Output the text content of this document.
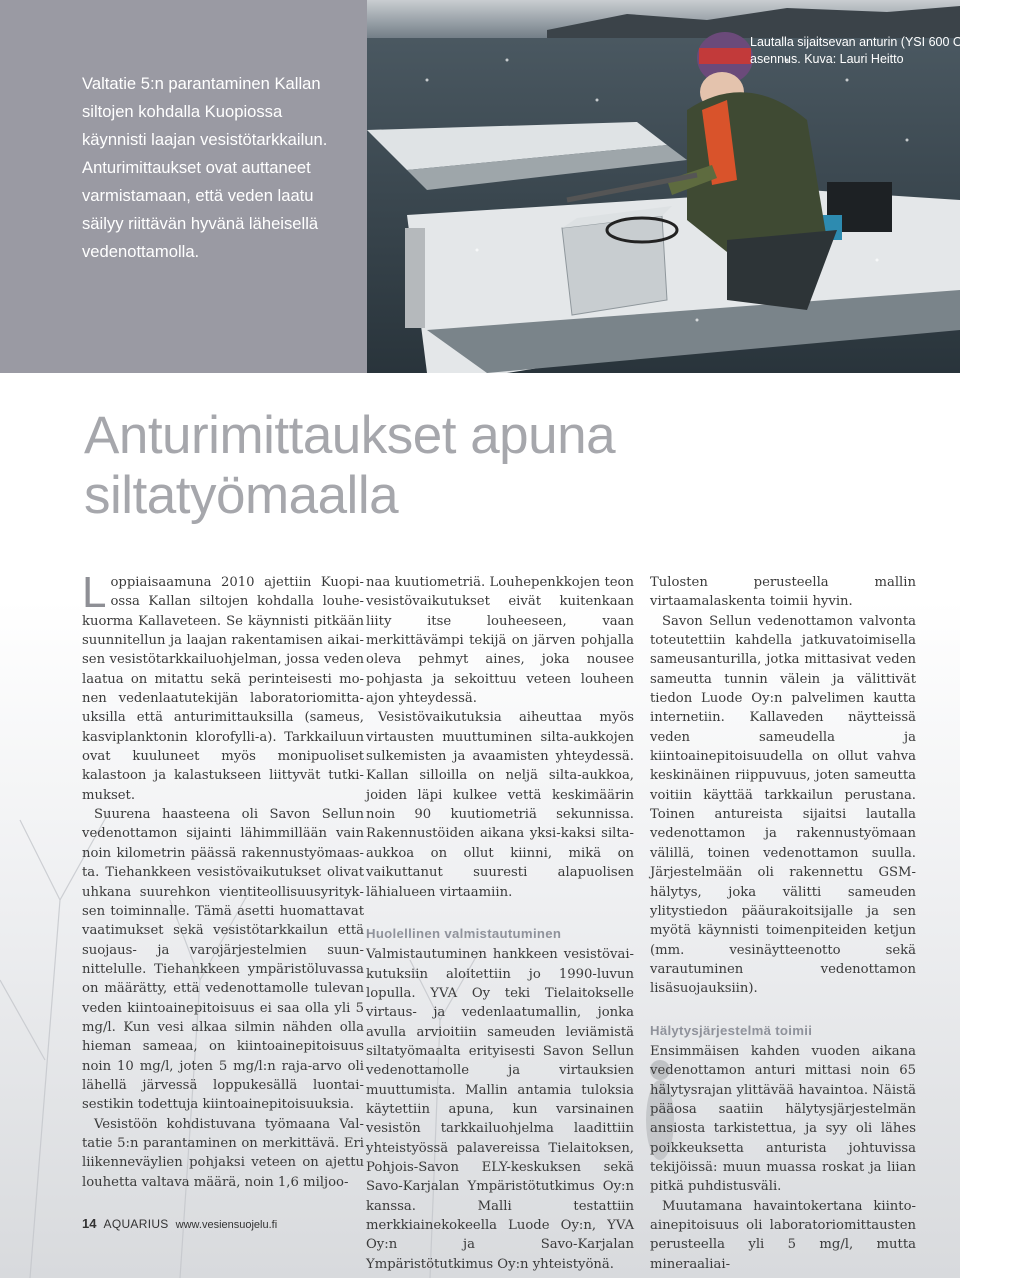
Valtatie 5:n parantaminen Kallan siltojen kohdalla Kuopiossa käynnisti laajan vesistötarkkailun. Anturimittaukset ovat auttaneet varmistamaan, että veden laatu säilyy riittävän hyvänä läheisellä vedenottamolla.

Lautalla sijaitsevan anturin (YSI 600 OMS) asennus. Kuva: Lauri Heitto

Anturimittaukset apuna siltatyömaalla

Loppiaisaamuna 2010 ajettiin Kuopiossa Kallan siltojen kohdalla louhekuorma Kallaveteen. Se käynnisti pitkään suunnitellun ja laajan rakentamisen aikaisen vesistötarkkailuohjelman, jossa veden laatua on mitattu sekä perinteisesti monen vedenlaatutekijän laboratoriomittauksilla että anturimittauksilla (sameus, kasviplanktonin klorofylli-a). Tarkkailuun ovat kuuluneet myös monipuoliset kalastoon ja kalastukseen liittyvät tutkimukset.

Suurena haasteena oli Savon Sellun vedenottamon sijainti lähimmillään vain noin kilometrin päässä rakennustyömaasta. Tiehankkeen vesistövaikutukset olivat uhkana suurehkon vientiteollisuusyrityksen toiminnalle. Tämä asetti huomattavat vaatimukset sekä vesistötarkkailun että suojaus- ja varojärjestelmien suunnittelulle. Tiehankkeen ympäristöluvassa on määrätty, että vedenottamolle tulevan veden kiintoainepitoisuus ei saa olla yli 5 mg/l. Kun vesi alkaa silmin nähden olla hieman sameaa, on kiintoainepitoisuus noin 10 mg/l, joten 5 mg/l:n raja-arvo oli lähellä järvessä loppukesällä luontaisestikin todettuja kiintoainepitoisuuksia.

Vesistöön kohdistuvana työmaana Valtatie 5:n parantaminen on merkittävä. Eri liikenneväylien pohjaksi veteen on ajettu louhetta valtava määrä, noin 1,6 miljoo-

naa kuutiometriä. Louhepenkkojen teon vesistövaikutukset eivät kuitenkaan liity itse louheeseen, vaan merkittävämpi tekijä on järven pohjalla oleva pehmyt aines, joka nousee pohjasta ja sekoittuu veteen louheen ajon yhteydessä.

Vesistövaikutuksia aiheuttaa myös virtausten muuttuminen silta-aukkojen sulkemisten ja avaamisten yhteydessä. Kallan silloilla on neljä silta-aukkoa, joiden läpi kulkee vettä keskimäärin noin 90 kuutiometriä sekunnissa. Rakennustöiden aikana yksi-kaksi silta-aukkoa on ollut kiinni, mikä on vaikuttanut suuresti alapuolisen lähialueen virtaamiin.

Huolellinen valmistautuminen

Valmistautuminen hankkeen vesistövaikutuksiin aloitettiin jo 1990-luvun lopulla. YVA Oy teki Tielaitokselle virtaus- ja vedenlaatumallin, jonka avulla arvioitiin sameuden leviämistä siltatyömaalta erityisesti Savon Sellun vedenottamolle ja virtauksien muuttumista. Mallin antamia tuloksia käytettiin apuna, kun varsinainen vesistön tarkkailuohjelma laadittiin yhteistyössä palavereissa Tielaitoksen, Pohjois-Savon ELY-keskuksen sekä Savo-Karjalan Ympäristötutkimus Oy:n kanssa. Malli testattiin merkkiainekokeella Luode Oy:n, YVA Oy:n ja Savo-Karjalan Ympäristötutkimus Oy:n yhteistyönä.

Tulosten perusteella mallin virtaamalaskenta toimii hyvin.

Savon Sellun vedenottamon valvonta toteutettiin kahdella jatkuvatoimisella sameusanturilla, jotka mittasivat veden sameutta tunnin välein ja välittivät tiedon Luode Oy:n palvelimen kautta internetiin. Kallaveden näytteissä veden sameudella ja kiintoainepitoisuudella on ollut vahva keskinäinen riippuvuus, joten sameutta voitiin käyttää tarkkailun perustana. Toinen antureista sijaitsi lautalla vedenottamon ja rakennustyömaan välillä, toinen vedenottamon suulla. Järjestelmään oli rakennettu GSM-hälytys, joka välitti sameuden ylitystiedon pääurakoitsijalle ja sen myötä käynnisti toimenpiteiden ketjun (mm. vesinäytteenotto sekä varautuminen vedenottamon lisäsuojauksiin).

Hälytysjärjestelmä toimii

Ensimmäisen kahden vuoden aikana vedenottamon anturi mittasi noin 65 hälytysrajan ylittävää havaintoa. Näistä pääosa saatiin hälytysjärjestelmän ansiosta tarkistettua, ja syy oli lähes poikkeuksetta anturista johtuvissa tekijöissä: muun muassa roskat ja liian pitkä puhdistusväli.

Muutamana havaintokertana kiintoainepitoisuus oli laboratoriomittausten perusteella yli 5 mg/l, mutta mineraaliai-

14 AQUARIUS www.vesiensuojelu.fi
